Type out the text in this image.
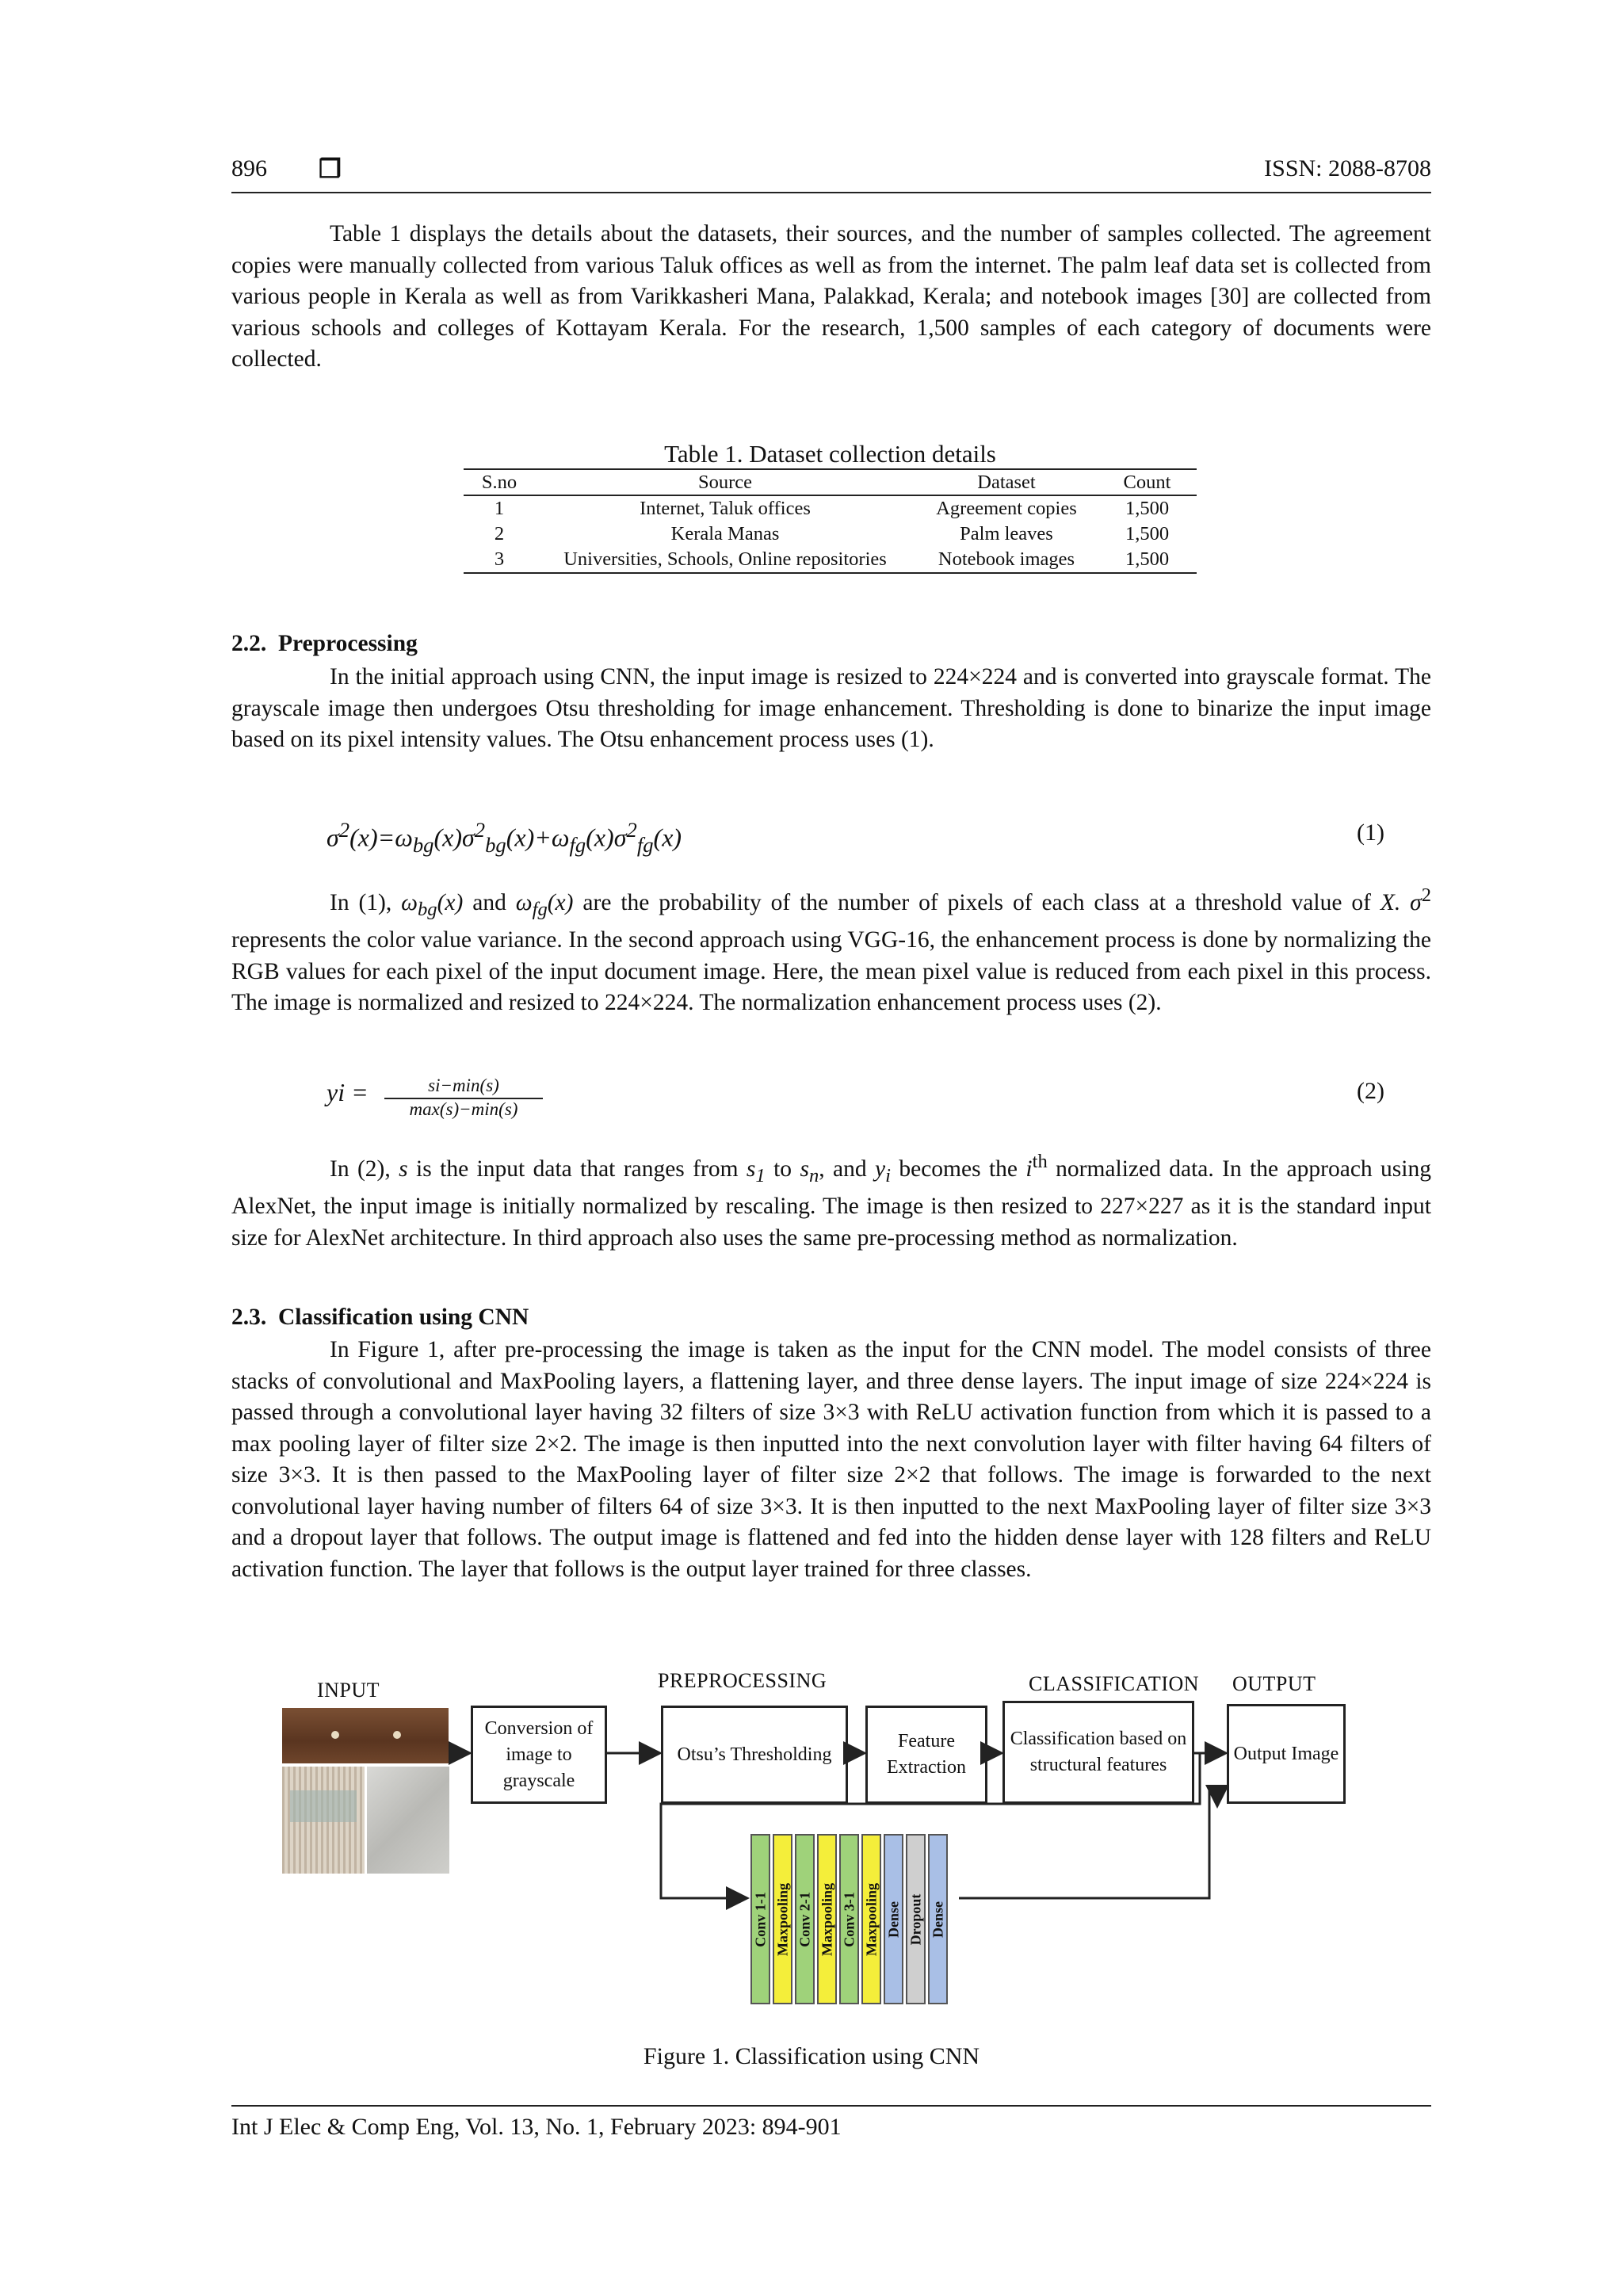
896 ❒	ISSN: 2088-8708

Table 1 displays the details about the datasets, their sources, and the number of samples collected. The agreement copies were manually collected from various Taluk offices as well as from the internet. The palm leaf data set is collected from various people in Kerala as well as from Varikkasheri Mana, Palakkad, Kerala; and notebook images [30] are collected from various schools and colleges of Kottayam Kerala. For the research, 1,500 samples of each category of documents were collected.

Table 1. Dataset collection details
S.no	Source	Dataset	Count
1	Internet, Taluk offices	Agreement copies	1,500
2	Kerala Manas	Palm leaves	1,500
3	Universities, Schools, Online repositories	Notebook images	1,500
2.2.  Preprocessing

In the initial approach using CNN, the input image is resized to 224×224 and is converted into grayscale format. The grayscale image then undergoes Otsu thresholding for image enhancement. Thresholding is done to binarize the input image based on its pixel intensity values. The Otsu enhancement process uses (1).

$\sigma^2(x)=\omega_{bg}(x)\sigma^2_{bg}(x)+\omega_{fg}(x)\sigma^2_{fg}(x)$	(1)

In (1), $\omega_{bg}(x)$ and $\omega_{fg}(x)$ are the probability of the number of pixels of each class at a threshold value of X. $\sigma^2$ represents the color value variance. In the second approach using VGG-16, the enhancement process is done by normalizing the RGB values for each pixel of the input document image. Here, the mean pixel value is reduced from each pixel in this process. The image is normalized and resized to 224×224. The normalization enhancement process uses (2).

yi =	si−min(s)
max(s)−min(s)
(2)

In (2), s is the input data that ranges from $s_1$ to $s_n$, and $y_i$ becomes the $i^{th}$ normalized data. In the approach using AlexNet, the input image is initially normalized by rescaling. The image is then resized to 227×227 as it is the standard input size for AlexNet architecture. In third approach also uses the same pre-processing method as normalization.

2.3.  Classification using CNN

In Figure 1, after pre-processing the image is taken as the input for the CNN model. The model consists of three stacks of convolutional and MaxPooling layers, a flattening layer, and three dense layers. The input image of size 224×224 is passed through a convolutional layer having 32 filters of size 3×3 with ReLU activation function from which it is passed to a max pooling layer of filter size 2×2. The image is then inputted into the next convolution layer with filter having 64 filters of size 3×3. It is then passed to the MaxPooling layer of filter size 2×2 that follows. The image is forwarded to the next convolutional layer having number of filters 64 of size 3×3. It is then inputted to the next MaxPooling layer of filter size 3×3 and a dropout layer that follows. The output image is flattened and fed into the hidden dense layer with 128 filters and ReLU activation function. The layer that follows is the output layer trained for three classes.

INPUT	PREPROCESSING	CLASSIFICATION OUTPUT
Conversion of image to grayscale
Otsu’s Thresholding
Feature Extraction
Classification based on structural features
Output Image
Conv 1-1 Maxpooling Conv 2-1 Maxpooling Conv 3-1 Maxpooling Dense Dropout Dense
Figure 1. Classification using CNN
Int J Elec & Comp Eng, Vol. 13, No. 1, February 2023: 894-901
